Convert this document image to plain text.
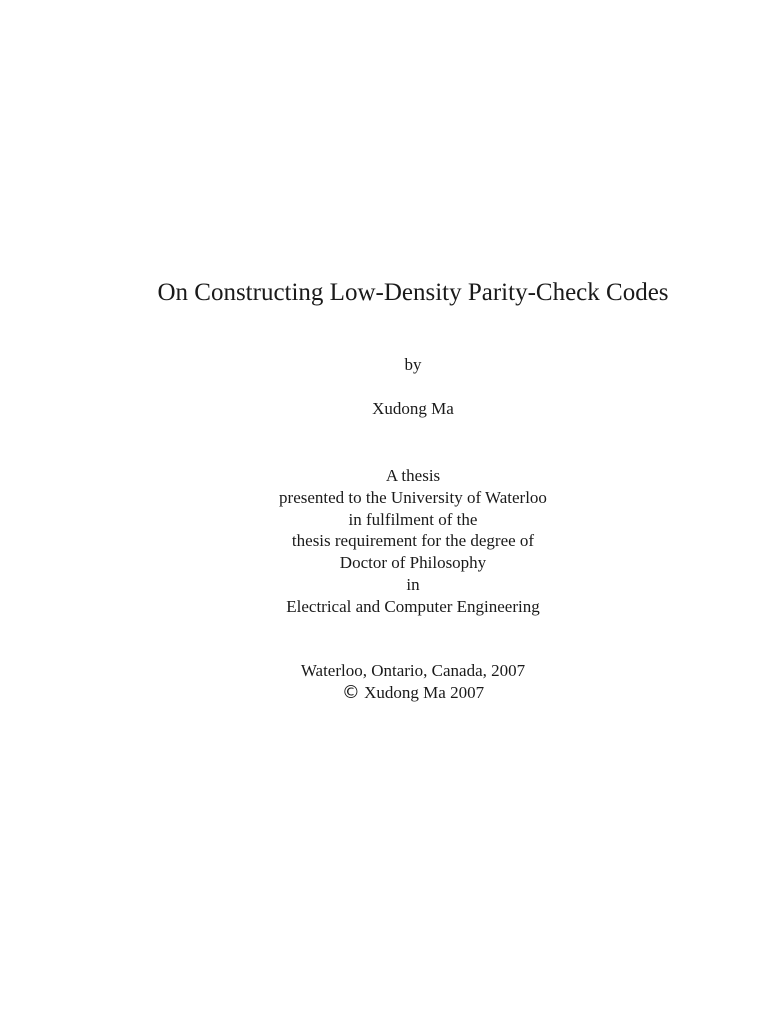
On Constructing Low-Density Parity-Check Codes
by
Xudong Ma
A thesis
presented to the University of Waterloo
in fulfilment of the
thesis requirement for the degree of
Doctor of Philosophy
in
Electrical and Computer Engineering
Waterloo, Ontario, Canada, 2007
© Xudong Ma 2007
